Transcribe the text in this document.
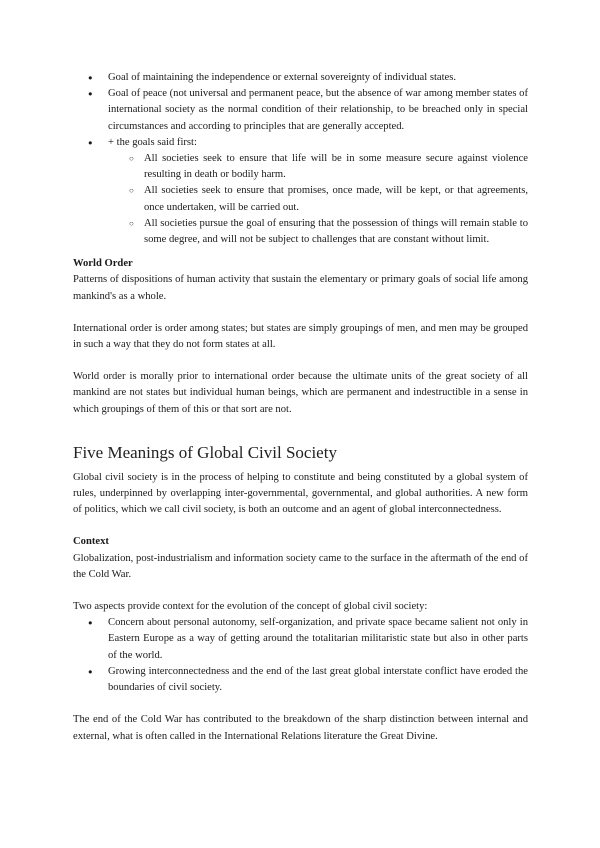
● Goal of maintaining the independence or external sovereignty of individual states.
● Goal of peace (not universal and permanent peace, but the absence of war among member states of international society as the normal condition of their relationship, to be breached only in special circumstances and according to principles that are generally accepted.
● + the goals said first:
○ All societies seek to ensure that life will be in some measure secure against violence resulting in death or bodily harm.
○ All societies seek to ensure that promises, once made, will be kept, or that agreements, once undertaken, will be carried out.
○ All societies pursue the goal of ensuring that the possession of things will remain stable to some degree, and will not be subject to challenges that are constant without limit.

World Order

Patterns of dispositions of human activity that sustain the elementary or primary goals of social life among mankind's as a whole.

International order is order among states; but states are simply groupings of men, and men may be grouped in such a way that they do not form states at all.

World order is morally prior to international order because the ultimate units of the great society of all mankind are not states but individual human beings, which are permanent and indestructible in a sense in which groupings of them of this or that sort are not.

Five Meanings of Global Civil Society

Global civil society is in the process of helping to constitute and being constituted by a global system of rules, underpinned by overlapping inter-governmental, governmental, and global authorities. A new form of politics, which we call civil society, is both an outcome and an agent of global interconnectedness.

Context

Globalization, post-industrialism and information society came to the surface in the aftermath of the end of the Cold War.

Two aspects provide context for the evolution of the concept of global civil society:

● Concern about personal autonomy, self-organization, and private space became salient not only in Eastern Europe as a way of getting around the totalitarian militaristic state but also in other parts of the world.
● Growing interconnectedness and the end of the last great global interstate conflict have eroded the boundaries of civil society.

The end of the Cold War has contributed to the breakdown of the sharp distinction between internal and external, what is often called in the International Relations literature the Great Divine.
